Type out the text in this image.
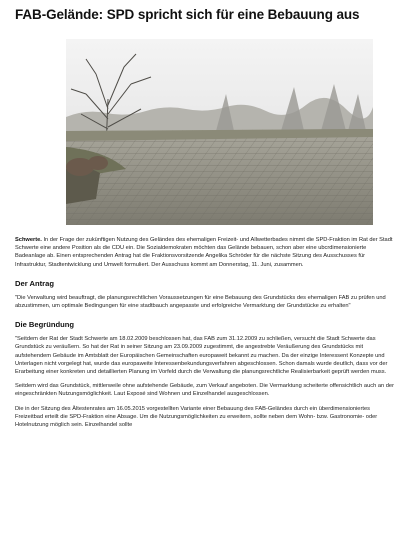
FAB-Gelände: SPD spricht sich für eine Bebauung aus
Schwerte. In der Frage der zukünftigen Nutzung des Geländes des ehemaligen Freizeit- und Allwetterbades nimmt die SPD-Fraktion im Rat der Stadt Schwerte eine andere Position als die CDU ein. Die Sozialdemokraten möchten das Gelände bebauen, schon aber eine ubcrdimensionierte Badeanlage ab. Einen entsprechenden Antrag hat die Fraktionsvorsitzende Angelika Schröder für die nächste Sitzung des Ausschusses für Infrastruktur, Stadtentwicklung und Umwelt formuliert. Der Ausschuss kommt am Donnerstag, 11. Juni, zusammen.
Der Antrag
"Die Verwaltung wird beauftragt, die planungsrechtlichen Voraussetzungen für eine Bebauung des Grundstücks des ehemaligen FAB zu prüfen und abzustimmen, um optimale Bedingungen für eine stadtbauch angepasste und erfolgreiche Vermarktung der Grundstücke zu erhalten"
Die Begründung
"Seitdem der Rat der Stadt Schwerte am 18.02.2009 beschlossen hat, das FAB zum 31.12.2009 zu schließen, versucht die Stadt Schwerte das Grundstück zu veräußern. So hat der Rat in seiner Sitzung am 23.09.2009 zugestimmt, die angestrebte Veräußerung des Grundstücks mit aufstehendem Gebäude im Amtsblatt der Europäischen Gemeinschaften europaweit bekannt zu machen. Da der einzige Interessent Konzepte und Unterlagen nicht vorgelegt hat, wurde das europaweite Interessenbekundungsverfahren abgeschlossen. Schon damals wurde deutlich, dass vor der Erarbeitung einer konkreten und detaillierten Planung im Vorfeld durch die Verwaltung die planungsrechtliche Realisierbarkeit geprüft werden muss.
Seitdem wird das Grundstück, mittlerweile ohne aufstehende Gebäude, zum Verkauf angeboten. Die Vermarktung scheiterte offensichtlich auch an der eingeschränkten Nutzungsmöglichkeit. Laut Exposé sind Wohnen und Einzelhandel ausgeschlossen.
Die in der Sitzung des Ältestenrates am 16.05.2015 vorgestellten Variante einer Bebauung des FAB-Geländes durch ein überdimensioniertes Freizeitbad erteilt die SPD-Fraktion eine Absage. Um die Nutzungsmöglichkeiten zu erweitern, sollte neben dem Wohn- bzw. Gastronomie- oder Hotelnutzung möglich sein. Einzelhandel sollte
